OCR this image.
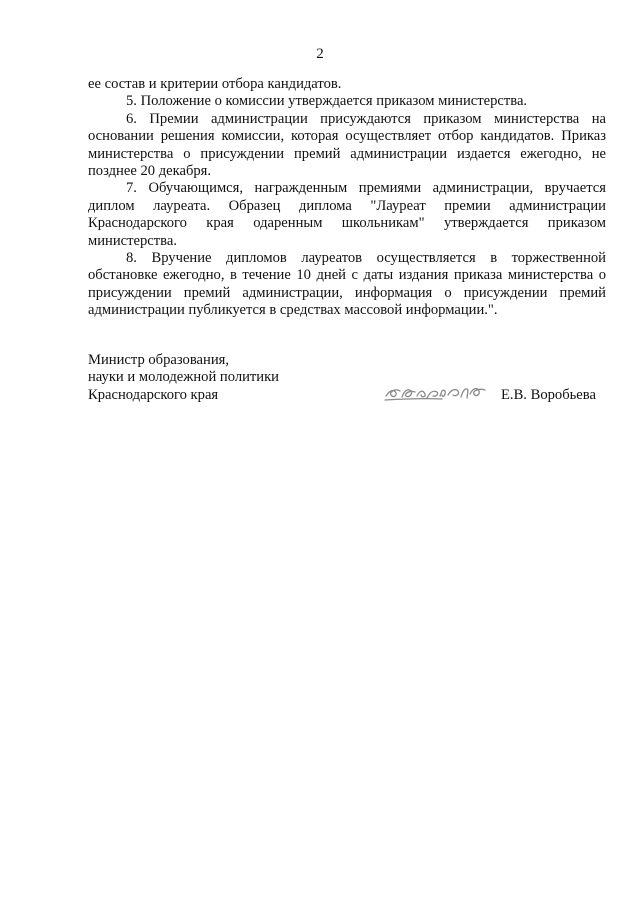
2

ее состав и критерии отбора кандидатов.

5. Положение о комиссии утверждается приказом министерства.

6. Премии администрации присуждаются приказом министерства на основании решения комиссии, которая осуществляет отбор кандидатов. Приказ министерства о присуждении премий администрации издается ежегодно, не позднее 20 декабря.

7. Обучающимся, награжденным премиями администрации, вручается диплом лауреата. Образец диплома "Лауреат премии администрации Краснодарского края одаренным школьникам" утверждается приказом министерства.

8. Вручение дипломов лауреатов осуществляется в торжественной обстановке ежегодно, в течение 10 дней с даты издания приказа министерства о присуждении премий администрации, информация о присуждении премий администрации публикуется в средствах массовой информации.".

Министр образования,
науки и молодежной политики
Краснодарского края	Е.В. Воробьева
